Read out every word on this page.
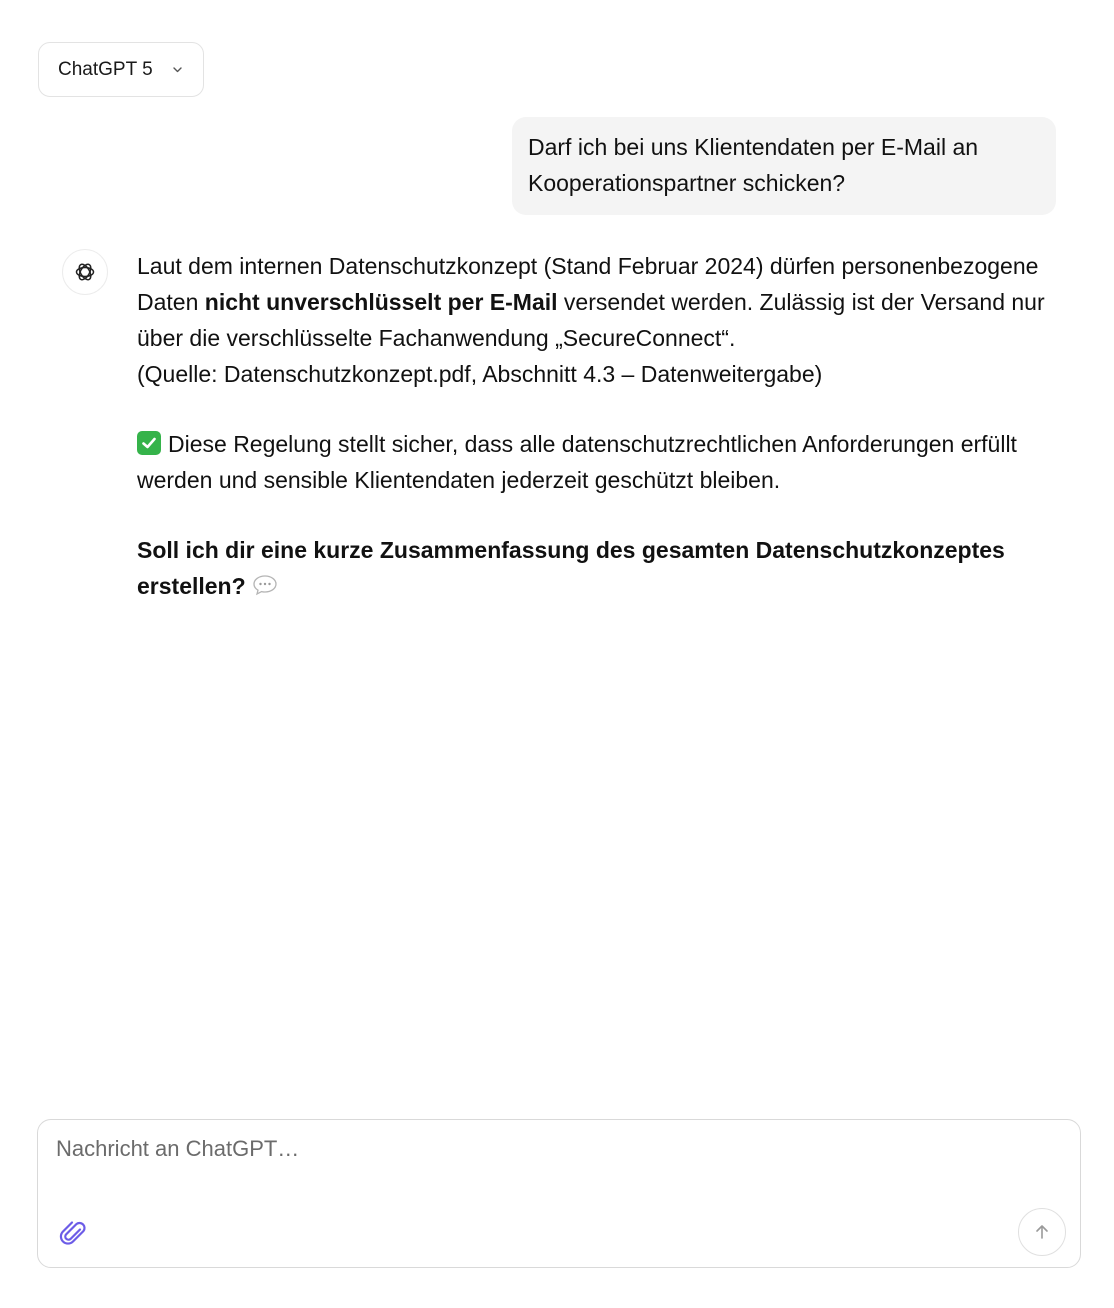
ChatGPT 5
Darf ich bei uns Klientendaten per E-Mail an Kooperationspartner schicken?

Laut dem internen Datenschutzkonzept (Stand Februar 2024) dürfen personenbezogene Daten nicht unverschlüsselt per E-Mail versendet werden. Zulässig ist der Versand nur über die verschlüsselte Fachanwendung „SecureConnect“.

(Quelle: Datenschutzkonzept.pdf, Abschnitt 4.3 – Datenweitergabe)

Diese Regelung stellt sicher, dass alle datenschutzrechtlichen Anforderungen erfüllt werden und sensible Klientendaten jederzeit geschützt bleiben.

Soll ich dir eine kurze Zusammenfassung des gesamten Datenschutzkonzeptes erstellen?

Nachricht an ChatGPT…
